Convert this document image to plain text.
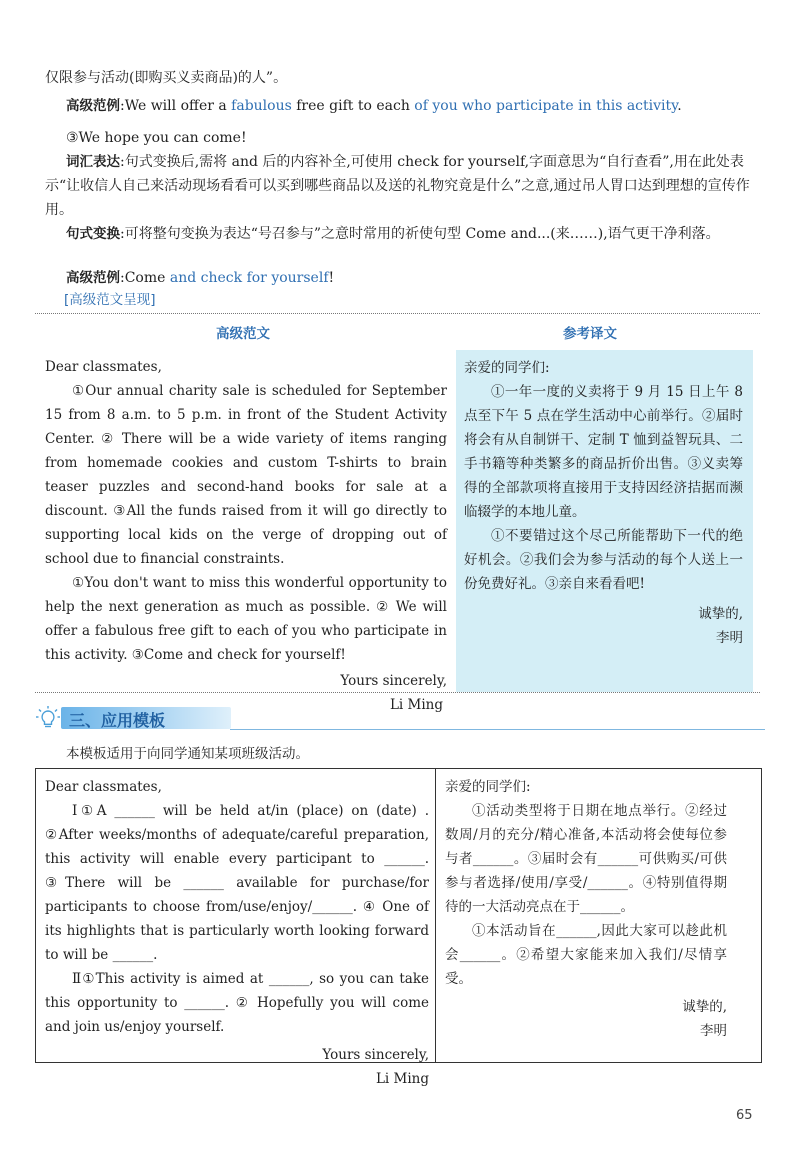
仅限参与活动(即购买义卖商品)的人”。
高级范例:We will offer a fabulous free gift to each of you who participate in this activity.
③We hope you can come!
词汇表达:句式变换后,需将 and 后的内容补全,可使用 check for yourself,字面意思为“自行查看”,用在此处表示“让收信人自己来活动现场看看可以买到哪些商品以及送的礼物究竟是什么”之意,通过吊人胃口达到理想的宣传作用。
句式变换:可将整句变换为表达“号召参与”之意时常用的祈使句型 Come and...(来……),语气更干净利落。
高级范例:Come and check for yourself!
[高级范文呈现]
高级范文	参考译文

Dear classmates,

①Our annual charity sale is scheduled for September 15 from 8 a.m. to 5 p.m. in front of the Student Activity Center. ② There will be a wide variety of items ranging from homemade cookies and custom T-shirts to brain teaser puzzles and second-hand books for sale at a discount. ③All the funds raised from it will go directly to supporting local kids on the verge of dropping out of school due to financial constraints.

①You don't want to miss this wonderful opportunity to help the next generation as much as possible. ② We will offer a fabulous free gift to each of you who participate in this activity. ③Come and check for yourself!

Yours sincerely,

Li Ming

亲爱的同学们:

①一年一度的义卖将于 9 月 15 日上午 8 点至下午 5 点在学生活动中心前举行。②届时将会有从自制饼干、定制 T 恤到益智玩具、二手书籍等种类繁多的商品折价出售。③义卖筹得的全部款项将直接用于支持因经济拮据而濒临辍学的本地儿童。

①不要错过这个尽己所能帮助下一代的绝好机会。②我们会为参与活动的每个人送上一份免费好礼。③亲自来看看吧!

诚挚的,

李明

三、应用模板
本模板适用于向同学通知某项班级活动。

Dear classmates,

Ⅰ①A ______ will be held at/in (place) on (date) . ②After weeks/months of adequate/careful preparation, this activity will enable every participant to ______. ③There will be ______ available for purchase/for participants to choose from/use/enjoy/______. ④ One of its highlights that is particularly worth looking forward to will be ______.

Ⅱ①This activity is aimed at ______, so you can take this opportunity to ______. ② Hopefully you will come and join us/enjoy yourself.

Yours sincerely,

Li Ming

亲爱的同学们:

①活动类型将于日期在地点举行。②经过数周/月的充分/精心准备,本活动将会使每位参与者______。③届时会有______可供购买/可供参与者选择/使用/享受/______。④特别值得期待的一大活动亮点在于______。

①本活动旨在______,因此大家可以趁此机会______。②希望大家能来加入我们/尽情享受。

诚挚的,

李明

65
